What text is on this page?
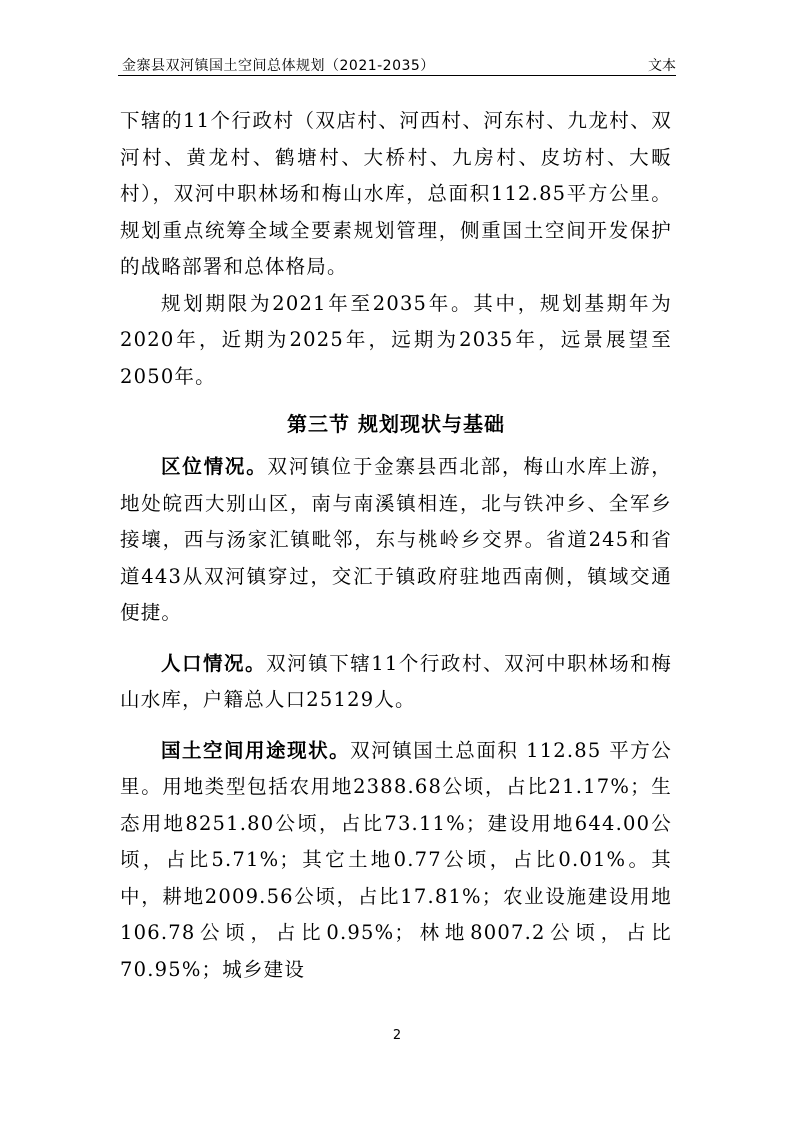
金寨县双河镇国土空间总体规划（2021-2035）	文本

下辖的11个行政村（双店村、河西村、河东村、九龙村、双河村、黄龙村、鹤塘村、大桥村、九房村、皮坊村、大畈村），双河中职林场和梅山水库，总面积112.85平方公里。规划重点统筹全域全要素规划管理，侧重国土空间开发保护的战略部署和总体格局。

规划期限为2021年至2035年。其中，规划基期年为2020年，近期为2025年，远期为2035年，远景展望至2050年。

第三节 规划现状与基础

区位情况。双河镇位于金寨县西北部，梅山水库上游，地处皖西大别山区，南与南溪镇相连，北与铁冲乡、全军乡接壤，西与汤家汇镇毗邻，东与桃岭乡交界。省道245和省道443从双河镇穿过，交汇于镇政府驻地西南侧，镇域交通便捷。

人口情况。双河镇下辖11个行政村、双河中职林场和梅山水库，户籍总人口25129人。

国土空间用途现状。双河镇国土总面积 112.85 平方公里。用地类型包括农用地2388.68公顷，占比21.17%；生态用地8251.80公顷，占比73.11%；建设用地644.00公顷，占比5.71%；其它土地0.77公顷，占比0.01%。其中，耕地2009.56公顷，占比17.81%；农业设施建设用地106.78公顷，占比0.95%；林地8007.2公顷，占比70.95%；城乡建设

2
